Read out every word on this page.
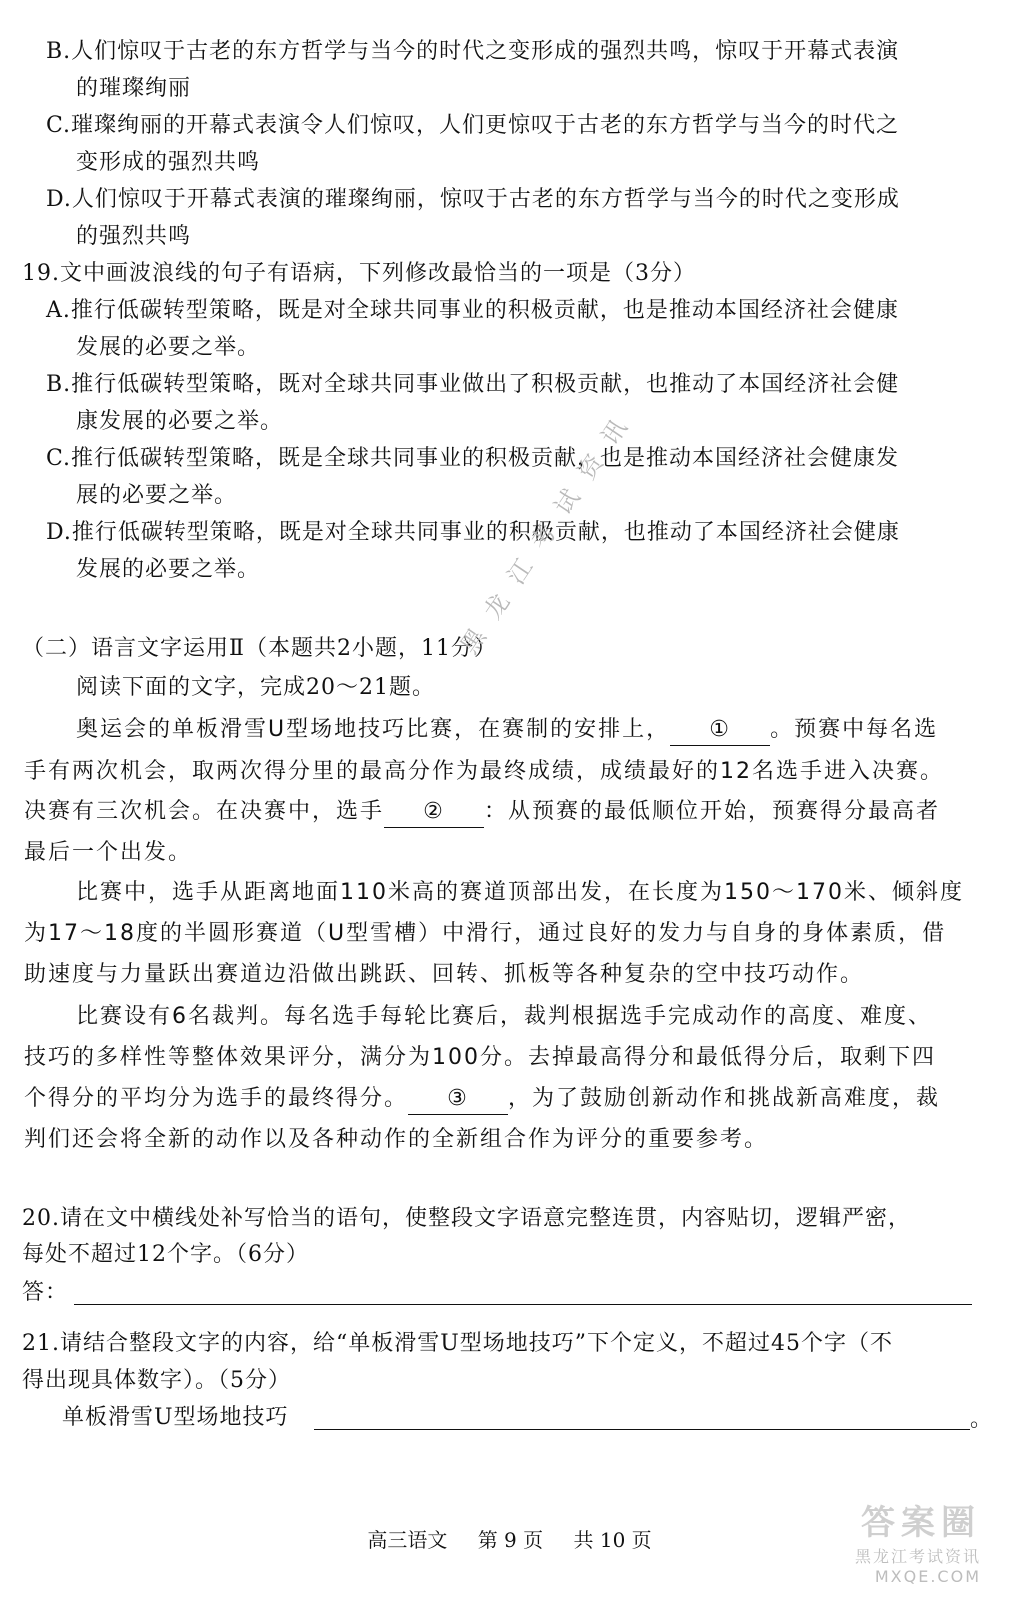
B.人们惊叹于古老的东方哲学与当今的时代之变形成的强烈共鸣，惊叹于开幕式表演
的璀璨绚丽
C.璀璨绚丽的开幕式表演令人们惊叹，人们更惊叹于古老的东方哲学与当今的时代之
变形成的强烈共鸣
D.人们惊叹于开幕式表演的璀璨绚丽，惊叹于古老的东方哲学与当今的时代之变形成
的强烈共鸣
19.文中画波浪线的句子有语病，下列修改最恰当的一项是（3分）
A.推行低碳转型策略，既是对全球共同事业的积极贡献，也是推动本国经济社会健康
发展的必要之举。
B.推行低碳转型策略，既对全球共同事业做出了积极贡献，也推动了本国经济社会健
康发展的必要之举。
C.推行低碳转型策略，既是全球共同事业的积极贡献，也是推动本国经济社会健康发
展的必要之举。
D.推行低碳转型策略，既是对全球共同事业的积极贡献，也推动了本国经济社会健康
发展的必要之举。
（二）语言文字运用Ⅱ（本题共2小题，11分）
阅读下面的文字，完成20～21题。
奥运会的单板滑雪U型场地技巧比赛，在赛制的安排上， ① 。预赛中每名选
手有两次机会，取两次得分里的最高分作为最终成绩，成绩最好的12名选手进入决赛。
决赛有三次机会。在决赛中，选手 ② ：从预赛的最低顺位开始，预赛得分最高者
最后一个出发。
比赛中，选手从距离地面110米高的赛道顶部出发，在长度为150～170米、倾斜度
为17～18度的半圆形赛道（U型雪槽）中滑行，通过良好的发力与自身的身体素质，借
助速度与力量跃出赛道边沿做出跳跃、回转、抓板等各种复杂的空中技巧动作。
比赛设有6名裁判。每名选手每轮比赛后，裁判根据选手完成动作的高度、难度、
技巧的多样性等整体效果评分，满分为100分。去掉最高得分和最低得分后，取剩下四
个得分的平均分为选手的最终得分。 ③ ，为了鼓励创新动作和挑战新高难度，裁
判们还会将全新的动作以及各种动作的全新组合作为评分的重要参考。
20.请在文中横线处补写恰当的语句，使整段文字语意完整连贯，内容贴切，逻辑严密，
每处不超过12个字。（6分）
答：
21.请结合整段文字的内容，给“单板滑雪U型场地技巧”下个定义，不超过45个字（不
得出现具体数字）。（5分）
单板滑雪U型场地技巧	。
黑龙江考试资讯
高三语文 第 9 页 共 10 页	答案圈
黑龙江考试资讯
MXQE.COM
